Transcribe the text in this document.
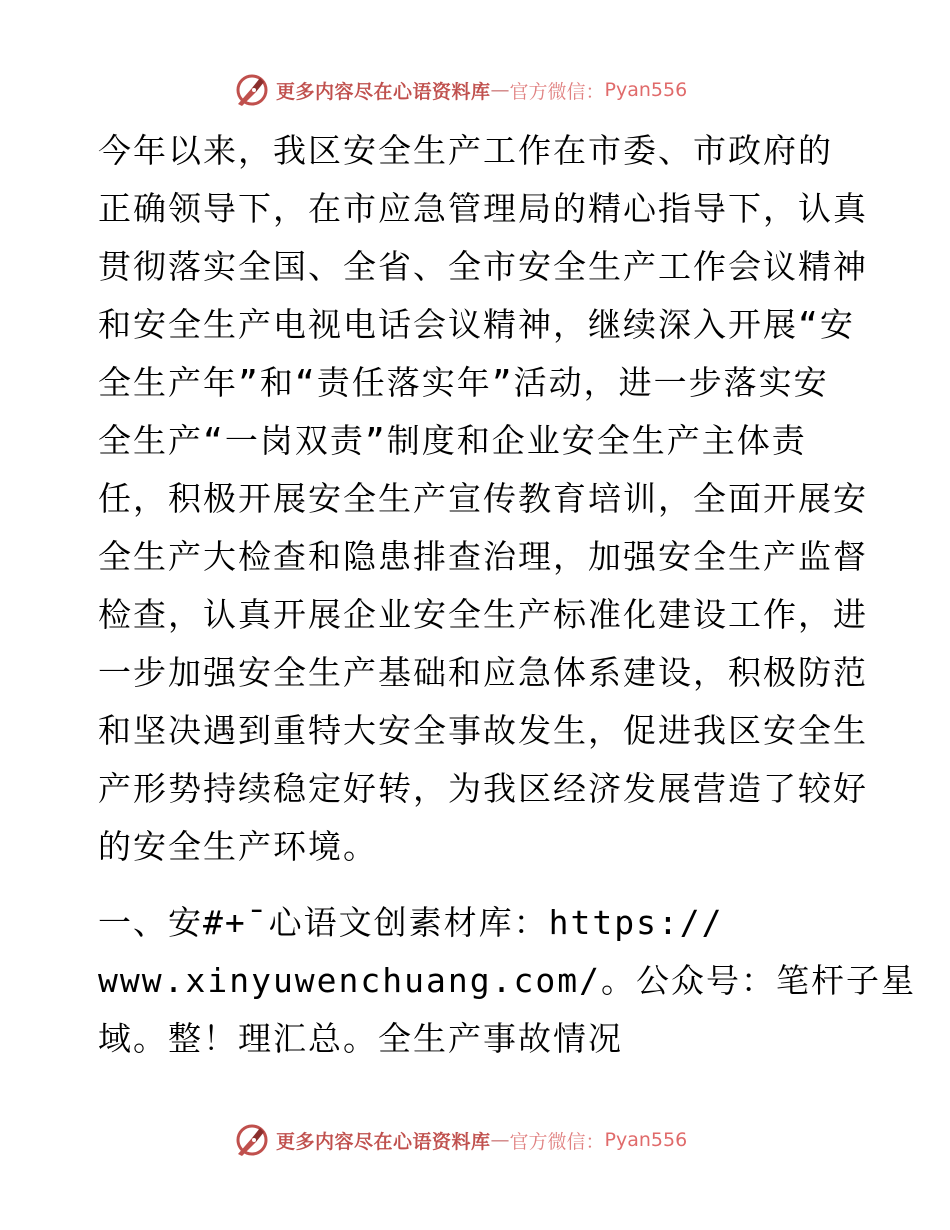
更多内容尽在心语资料库 — 官方微信： Pyan556
今年以来，我区安全生产工作在市委、市政府的
正确领导下，在市应急管理局的精心指导下，认真
贯彻落实全国、全省、全市安全生产工作会议精神
和安全生产电视电话会议精神，继续深入开展“安
全生产年”和“责任落实年”活动，进一步落实安
全生产“一岗双责”制度和企业安全生产主体责
任，积极开展安全生产宣传教育培训，全面开展安
全生产大检查和隐患排查治理，加强安全生产监督
检查，认真开展企业安全生产标准化建设工作，进
一步加强安全生产基础和应急体系建设，积极防范
和坚决遇到重特大安全事故发生，促进我区安全生
产形势持续稳定好转，为我区经济发展营造了较好
的安全生产环境。
一、安#+¯心语文创素材库：https://
www.xinyuwenchuang.com/。公众号：笔杆子星
域。整！理汇总。全生产事故情况
更多内容尽在心语资料库 — 官方微信： Pyan556
